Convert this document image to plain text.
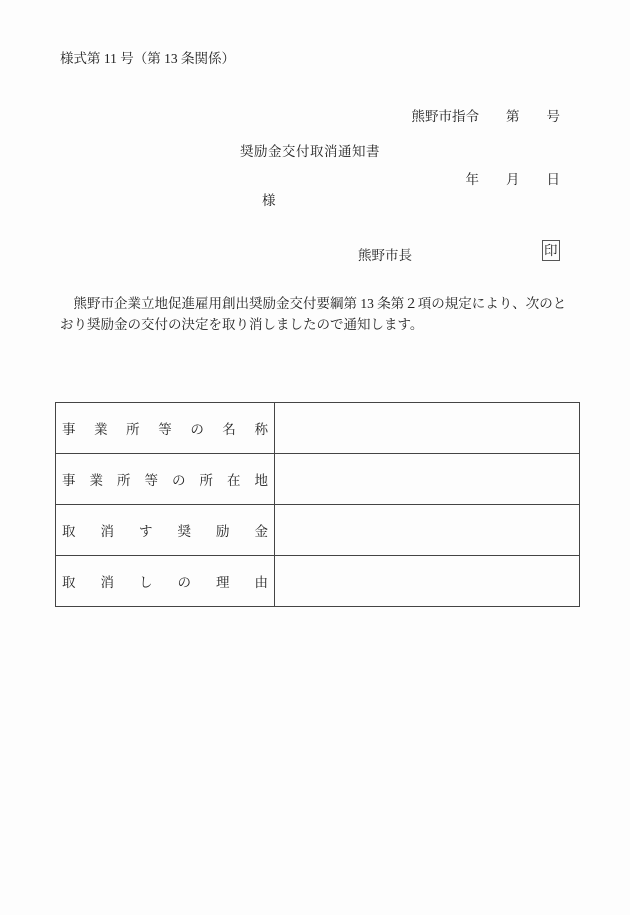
様式第 11 号（第 13 条関係）

熊野市指令　　第　　号

年　　月　　日

奨励金交付取消通知書
様
熊野市長	印
　熊野市企業立地促進雇用創出奨励金交付要綱第 13 条第２項の規定により、次のと
おり奨励金の交付の決定を取り消しましたので通知します。
事 業 所 等 の 名 称
事 業 所 等 の 所 在 地
取 消 す 奨 励 金
取 消 し の 理 由
